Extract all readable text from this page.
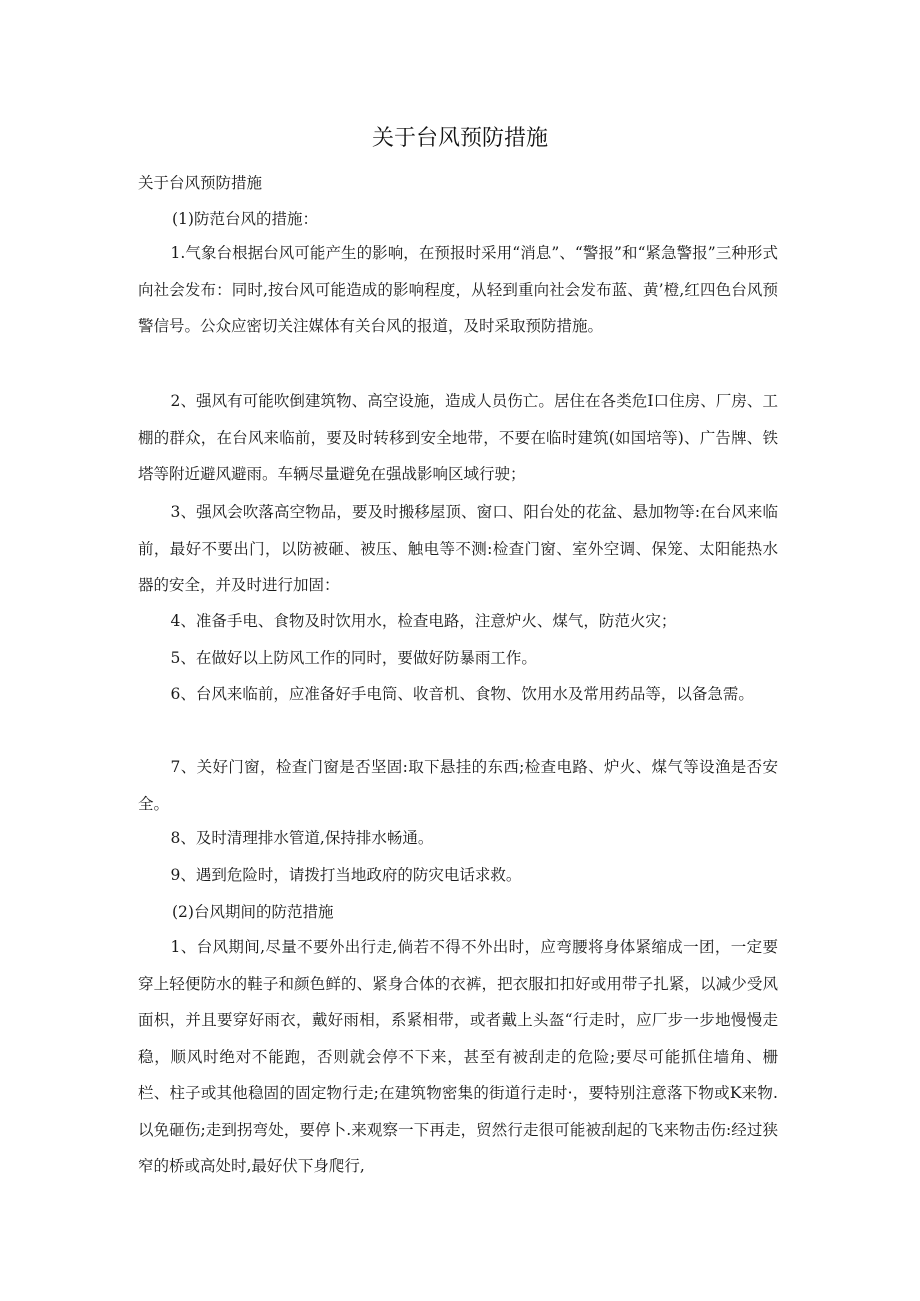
关于台风预防措施
关于台风预防措施
(1)防范台风的措施：
1.气象台根据台风可能产生的影响，在预报时采用“消息”、“警报”和“紧急警报”三种形式向社会发布：同时,按台风可能造成的影响程度，从轻到重向社会发布蓝、黄’橙,红四色台风预警信号。公众应密切关注媒体有关台风的报道，及时采取预防措施。
2、强风有可能吹倒建筑物、高空设施，造成人员伤亡。居住在各类危I口住房、厂房、工棚的群众，在台风来临前，要及时转移到安全地带，不要在临时建筑(如国培等)、广告牌、铁塔等附近避风避雨。车辆尽量避免在强战影响区域行驶；
3、强风会吹落高空物品，要及时搬移屋顶、窗口、阳台处的花盆、悬加物等:在台风来临前，最好不要出门，以防被砸、被压、触电等不测:检查门窗、室外空调、保笼、太阳能热水器的安全，并及时进行加固：
4、准备手电、食物及时饮用水，检查电路，注意炉火、煤气，防范火灾；
5、在做好以上防风工作的同时，要做好防暴雨工作。
6、台风来临前，应准备好手电筒、收音机、食物、饮用水及常用药品等，以备急需。
7、关好门窗，检查门窗是否坚固:取下悬挂的东西;检查电路、炉火、煤气等设渔是否安全。
8、及时清理排水管道,保持排水畅通。
9、遇到危险时，请拨打当地政府的防灾电话求救。
(2)台风期间的防范措施
1、台风期间,尽量不要外出行走,倘若不得不外出时，应弯腰将身体紧缩成一团，一定要穿上轻便防水的鞋子和颜色鲜的、紧身合体的衣裤，把衣服扣扣好或用带子扎紧，以减少受风面枳，并且要穿好雨衣，戴好雨相，系紧相带，或者戴上头盔“行走时，应厂步一步地慢慢走稳，顺风时绝对不能跑，否则就会停不下来，甚至有被刮走的危险;要尽可能抓住墙角、栅栏、柱子或其他稳固的固定物行走;在建筑物密集的街道行走时·，要特别注意落下物或K来物.以免砸伤;走到拐弯处，要停卜.来观察一下再走，贸然行走很可能被刮起的飞来物击伤:经过狭窄的桥或高处时,最好伏下身爬行,
